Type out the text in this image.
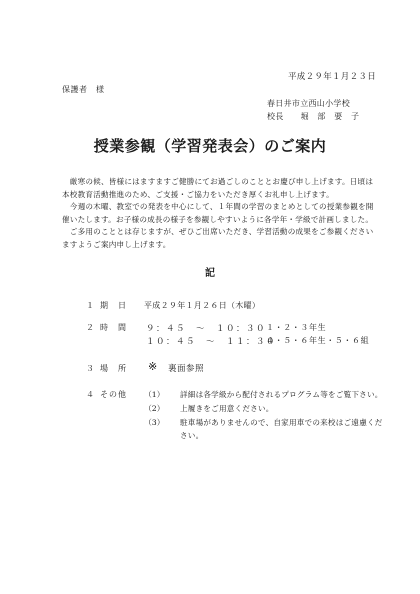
平成２９年１月２３日
保護者　様
春日井市立西山小学校
校長　　堀　部　要　子
授業参観（学習発表会）のご案内
　厳寒の候、皆様にはますますご健勝にてお過ごしのこととお慶び申し上げます。日頃は
本校教育活動推進のため、ご支援・ご協力をいただき厚くお礼申し上げます。
　今週の木曜、教室での発表を中心にして、１年間の学習のまとめとしての授業参観を開
催いたします。お子様の成長の様子を参観しやすいように各学年・学級で計画しました。
　ご多用のこととは存じますが、ぜひご出席いただき、学習活動の成果をご参観ください
ますようご案内申し上げます。
記
１ 期　日 平成２９年１月２６日（木曜）
２ 時　間 ９：４５　～　１０：３０ １・２・３年生
１０：４５　～　１１：３０
４・５・６年生・５・６組
３ 場　所 ※ 裏面参照
４ その他 （1） 詳細は各学級から配付されるプログラム等をご覧下さい。
（2） 上履きをご用意ください。
（3） 駐車場がありませんので、自家用車での来校はご遠慮くだ
さい。
